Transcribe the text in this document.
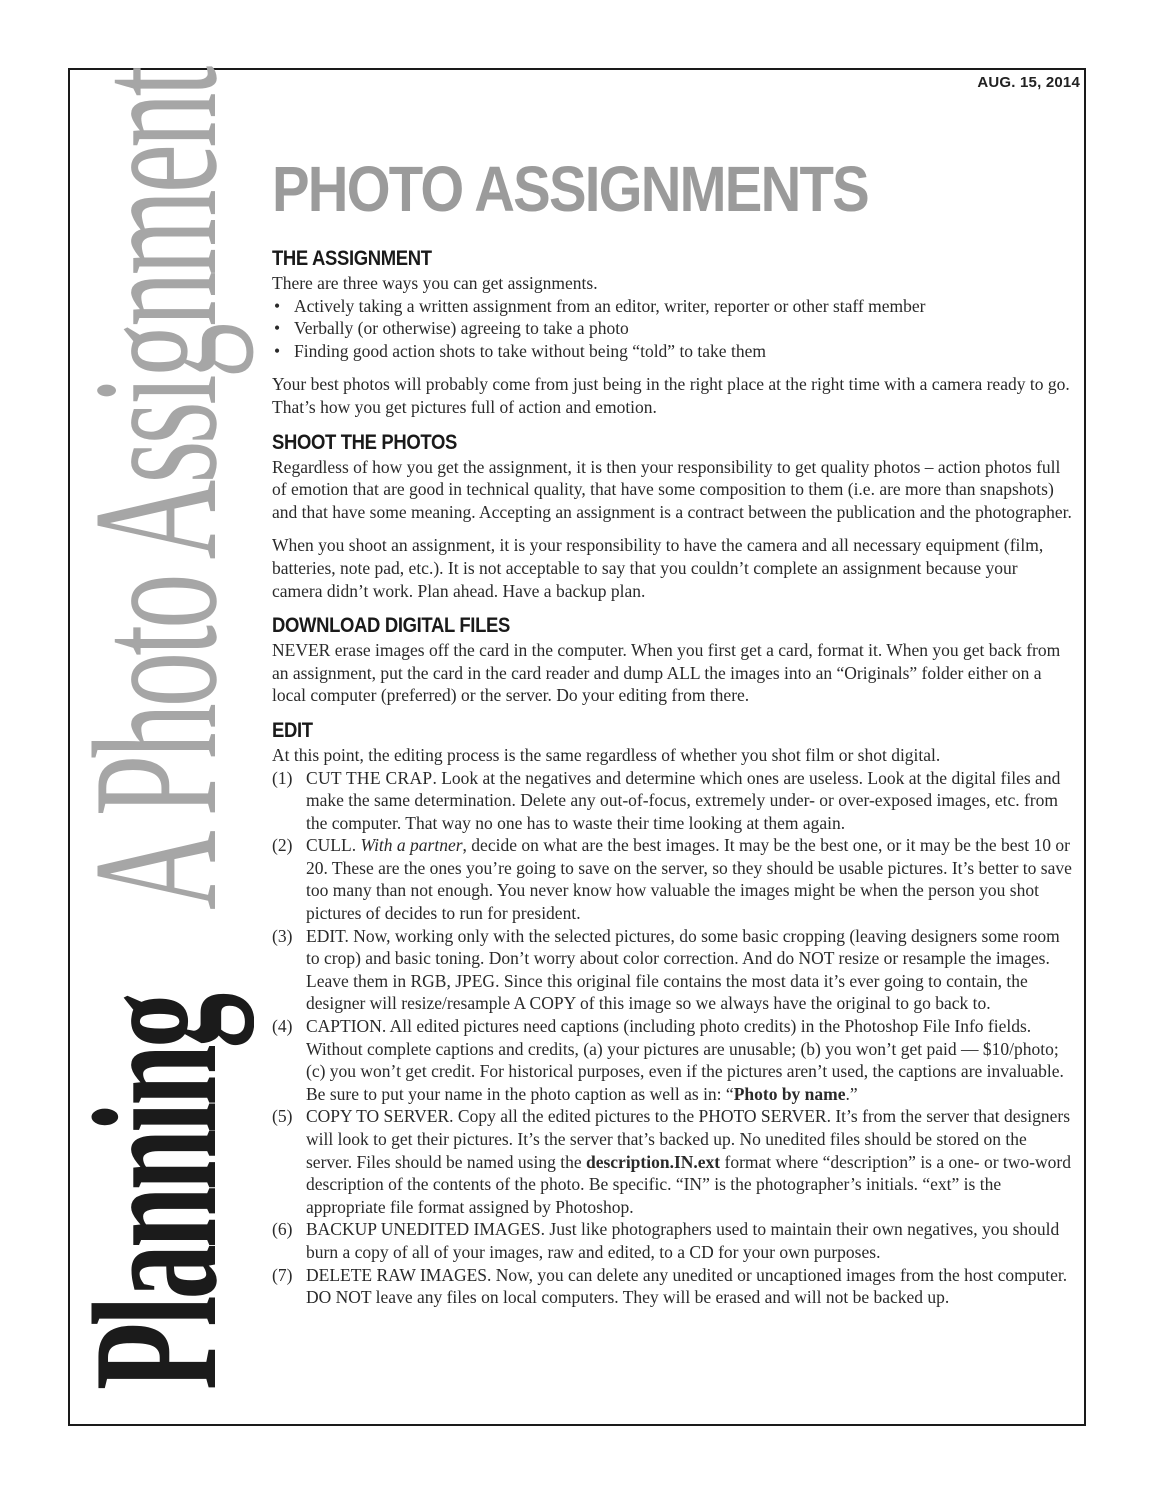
AUG. 15, 2014
PlanningA Photo Assignment PHOTO ASSIGNMENTS
THE ASSIGNMENT

There are three ways you can get assignments.

• Actively taking a written assignment from an editor, writer, reporter or other staff member
• Verbally (or otherwise) agreeing to take a photo
• Finding good action shots to take without being “told” to take them

Your best photos will probably come from just being in the right place at the right time with a camera ready to go. That’s how you get pictures full of action and emotion.

SHOOT THE PHOTOS

Regardless of how you get the assignment, it is then your responsibility to get quality photos – action photos full of emotion that are good in technical quality, that have some composition to them (i.e. are more than snapshots) and that have some meaning. Accepting an assignment is a contract between the publication and the photographer.

When you shoot an assignment, it is your responsibility to have the camera and all necessary equipment (film, batteries, note pad, etc.). It is not acceptable to say that you couldn’t complete an assignment because your camera didn’t work. Plan ahead. Have a backup plan.

DOWNLOAD DIGITAL FILES

NEVER erase images off the card in the computer. When you first get a card, format it. When you get back from an assignment, put the card in the card reader and dump ALL the images into an “Originals” folder either on a local computer (preferred) or the server. Do your editing from there.

EDIT

At this point, the editing process is the same regardless of whether you shot film or shot digital.

(1) CUT THE CRAP. Look at the negatives and determine which ones are useless. Look at the digital files and make the same determination. Delete any out-of-focus, extremely under- or over-exposed images, etc. from the computer. That way no one has to waste their time looking at them again.
(2) CULL. With a partner, decide on what are the best images. It may be the best one, or it may be the best 10 or 20. These are the ones you’re going to save on the server, so they should be usable pictures. It’s better to save too many than not enough. You never know how valuable the images might be when the person you shot pictures of decides to run for president.
(3) EDIT. Now, working only with the selected pictures, do some basic cropping (leaving designers some room to crop) and basic toning. Don’t worry about color correction. And do NOT resize or resample the images. Leave them in RGB, JPEG. Since this original file contains the most data it’s ever going to contain, the designer will resize/resample A COPY of this image so we always have the original to go back to.
(4) CAPTION. All edited pictures need captions (including photo credits) in the Photoshop File Info fields. Without complete captions and credits, (a) your pictures are unusable; (b) you won’t get paid — $10/photo; (c) you won’t get credit. For historical purposes, even if the pictures aren’t used, the captions are invaluable. Be sure to put your name in the photo caption as well as in: “Photo by name.”
(5) COPY TO SERVER. Copy all the edited pictures to the PHOTO SERVER. It’s from the server that designers will look to get their pictures. It’s the server that’s backed up. No unedited files should be stored on the server. Files should be named using the description.IN.ext format where “description” is a one- or two-word description of the contents of the photo. Be specific. “IN” is the photographer’s initials. “ext” is the appropriate file format assigned by Photoshop.
(6) BACKUP UNEDITED IMAGES. Just like photographers used to maintain their own negatives, you should burn a copy of all of your images, raw and edited, to a CD for your own purposes.
(7) DELETE RAW IMAGES. Now, you can delete any unedited or uncaptioned images from the host computer. DO NOT leave any files on local computers. They will be erased and will not be backed up.
